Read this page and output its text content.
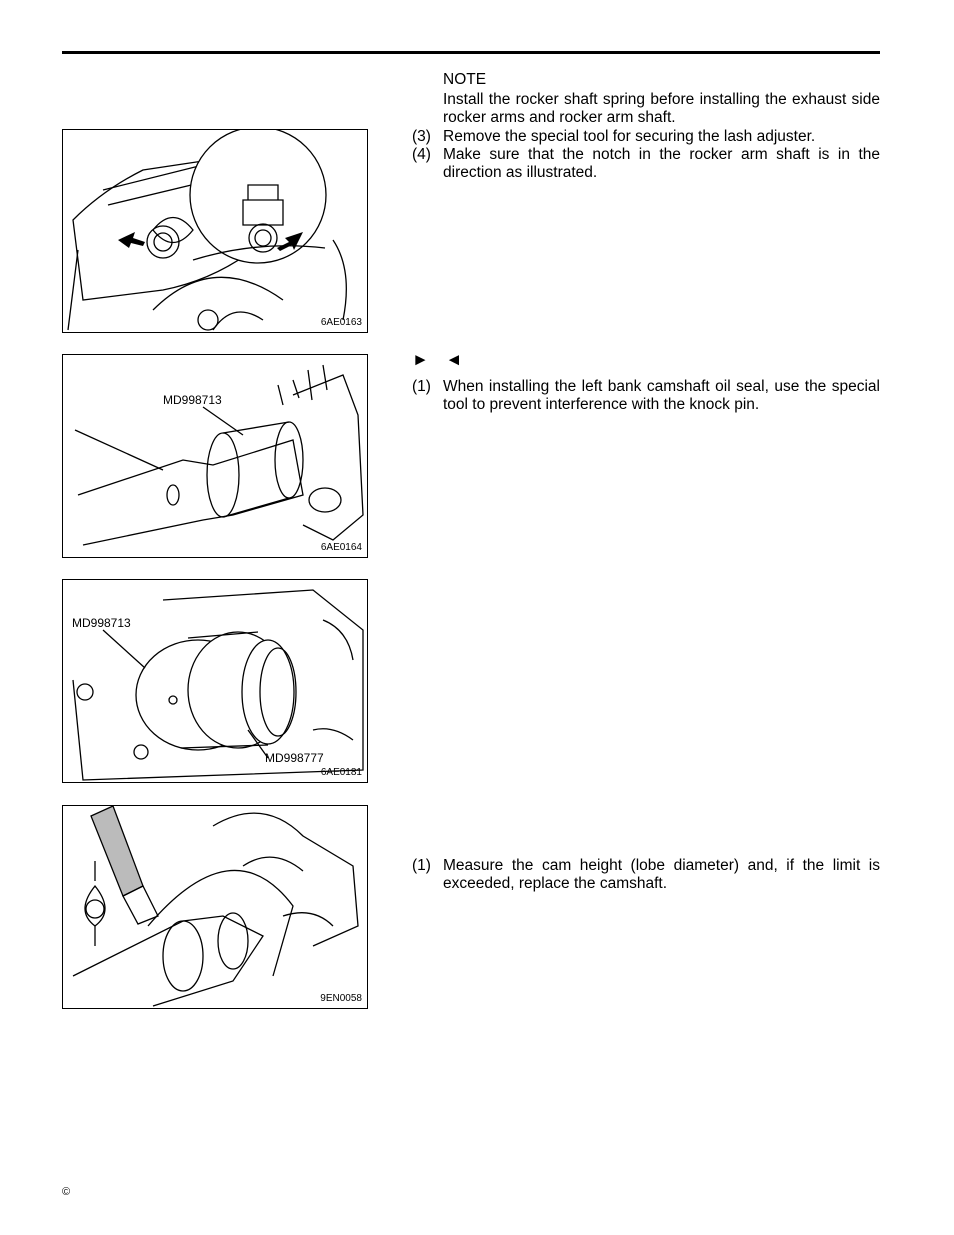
6AE0163
MD998713
6AE0164
MD998713
MD998777
6AE0181
9EN0058
NOTE
Install the rocker shaft spring before installing the exhaust side rocker arms and rocker arm shaft.
(3) Remove the special tool for securing the lash adjuster.
(4) Make sure that the notch in the rocker arm shaft is in the direction as illustrated.
► ◄
(1) When installing the left bank camshaft oil seal, use the special tool to prevent interference with the knock pin.
(1) Measure the cam height (lobe diameter) and, if the limit is exceeded, replace the camshaft.
©
